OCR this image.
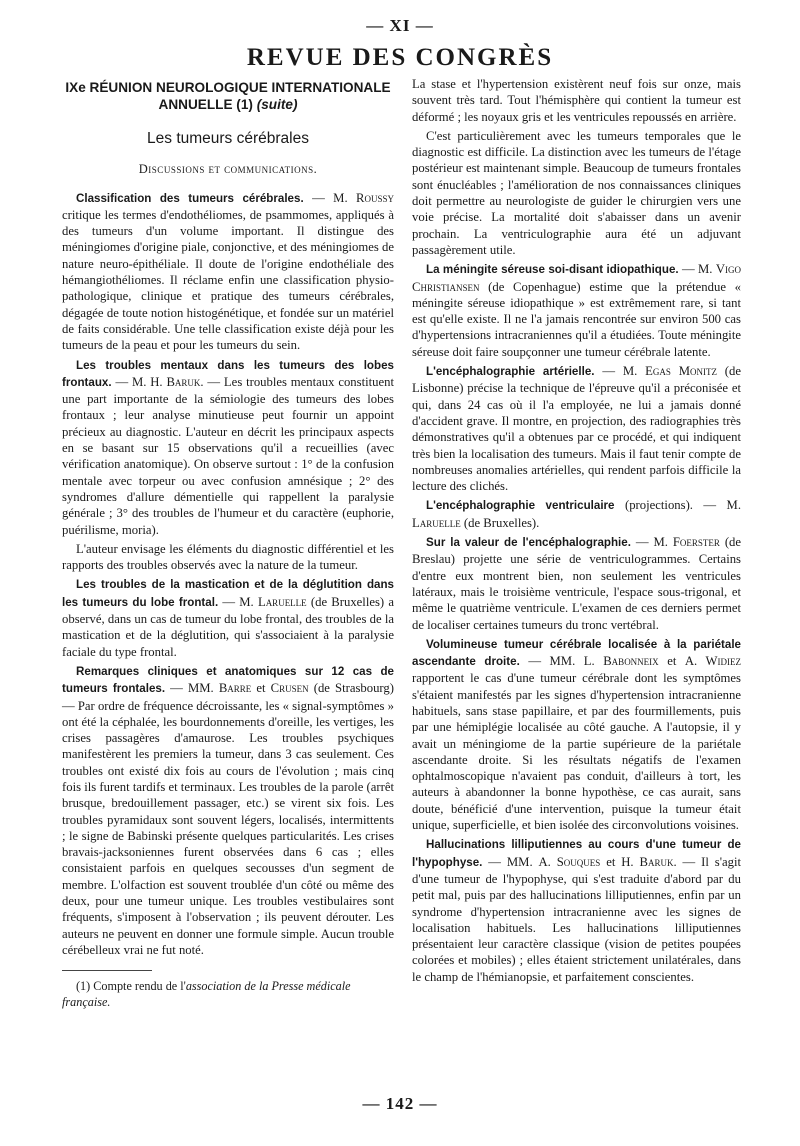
— XI —
REVUE DES CONGRÈS
IXe RÉUNION NEUROLOGIQUE INTERNATIONALE
ANNUELLE (1) (suite)
Les tumeurs cérébrales
Discussions et communications.

Classification des tumeurs cérébrales. — M. Roussy critique les termes d'endothéliomes, de psammomes, appliqués à des tumeurs d'un volume important. Il distingue des méningiomes d'origine piale, conjonctive, et des méningiomes de nature neuro-épithéliale. Il doute de l'origine endothéliale des hémangiothéliomes. Il réclame enfin une classification physio-pathologique, clinique et pratique des tumeurs cérébrales, dégagée de toute notion histogénétique, et fondée sur un matériel de faits considérable. Une telle classification existe déjà pour les tumeurs de la peau et pour les tumeurs du sein.

Les troubles mentaux dans les tumeurs des lobes frontaux. — M. H. Baruk. — Les troubles mentaux constituent une part importante de la sémiologie des tumeurs des lobes frontaux ; leur analyse minutieuse peut fournir un appoint précieux au diagnostic. L'auteur en décrit les principaux aspects en se basant sur 15 observations qu'il a recueillies (avec vérification anatomique). On observe surtout : 1° de la confusion mentale avec torpeur ou avec confusion amnésique ; 2° des syndromes d'allure démentielle qui rappellent la paralysie générale ; 3° des troubles de l'humeur et du caractère (euphorie, puérilisme, moria).

L'auteur envisage les éléments du diagnostic différentiel et les rapports des troubles observés avec la nature de la tumeur.

Les troubles de la mastication et de la déglutition dans les tumeurs du lobe frontal. — M. Laruelle (de Bruxelles) a observé, dans un cas de tumeur du lobe frontal, des troubles de la mastication et de la déglutition, qui s'associaient à la paralysie faciale du type frontal.

Remarques cliniques et anatomiques sur 12 cas de tumeurs frontales. — MM. Barre et Crusen (de Strasbourg) — Par ordre de fréquence décroissante, les « signal-symptômes » ont été la céphalée, les bourdonnements d'oreille, les vertiges, les crises passagères d'amaurose. Les troubles psychiques manifestèrent les premiers la tumeur, dans 3 cas seulement. Ces troubles ont existé dix fois au cours de l'évolution ; mais cinq fois ils furent tardifs et terminaux. Les troubles de la parole (arrêt brusque, bredouillement passager, etc.) se virent six fois. Les troubles pyramidaux sont souvent légers, localisés, intermittents ; le signe de Babinski présente quelques particularités. Les crises bravais-jacksoniennes furent observées dans 6 cas ; elles consistaient parfois en quelques secousses d'un segment de membre. L'olfaction est souvent troublée d'un côté ou même des deux, pour une tumeur unique. Les troubles vestibulaires sont fréquents, s'imposent à l'observation ; ils peuvent dérouter. Les auteurs ne peuvent en donner une formule simple. Aucun trouble cérébelleux vrai ne fut noté.

(1) Compte rendu de l'association de la Presse médicale française.

La stase et l'hypertension existèrent neuf fois sur onze, mais souvent très tard. Tout l'hémisphère qui contient la tumeur est déformé ; les noyaux gris et les ventricules repoussés en arrière.

C'est particulièrement avec les tumeurs temporales que le diagnostic est difficile. La distinction avec les tumeurs de l'étage postérieur est maintenant simple. Beaucoup de tumeurs frontales sont énucléables ; l'amélioration de nos connaissances cliniques doit permettre au neurologiste de guider le chirurgien vers une voie précise. La mortalité doit s'abaisser dans un avenir prochain. La ventriculographie aura été un adjuvant passagèrement utile.

La méningite séreuse soi-disant idiopathique. — M. Vigo Christiansen (de Copenhague) estime que la prétendue « méningite séreuse idiopathique » est extrêmement rare, si tant est qu'elle existe. Il ne l'a jamais rencontrée sur environ 500 cas d'hypertensions intracraniennes qu'il a étudiées. Toute méningite séreuse doit faire soupçonner une tumeur cérébrale latente.

L'encéphalographie artérielle. — M. Egas Monitz (de Lisbonne) précise la technique de l'épreuve qu'il a préconisée et qui, dans 24 cas où il l'a employée, ne lui a jamais donné d'accident grave. Il montre, en projection, des radiographies très démonstratives qu'il a obtenues par ce procédé, et qui indiquent très bien la localisation des tumeurs. Mais il faut tenir compte de nombreuses anomalies artérielles, qui rendent parfois difficile la lecture des clichés.

L'encéphalographie ventriculaire (projections). — M. Laruelle (de Bruxelles).

Sur la valeur de l'encéphalographie. — M. Foerster (de Breslau) projette une série de ventriculogrammes. Certains d'entre eux montrent bien, non seulement les ventricules latéraux, mais le troisième ventricule, l'espace sous-trigonal, et même le quatrième ventricule. L'examen de ces derniers permet de localiser certaines tumeurs du tronc vertébral.

Volumineuse tumeur cérébrale localisée à la pariétale ascendante droite. — MM. L. Babonneix et A. Widiez rapportent le cas d'une tumeur cérébrale dont les symptômes s'étaient manifestés par les signes d'hypertension intracranienne habituels, sans stase papillaire, et par des fourmillements, puis par une hémiplégie localisée au côté gauche. A l'autopsie, il y avait un méningiome de la partie supérieure de la pariétale ascendante droite. Si les résultats négatifs de l'examen ophtalmoscopique n'avaient pas conduit, d'ailleurs à tort, les auteurs à abandonner la bonne hypothèse, ce cas aurait, sans doute, bénéficié d'une intervention, puisque la tumeur était unique, superficielle, et bien isolée des circonvolutions voisines.

Hallucinations lilliputiennes au cours d'une tumeur de l'hypophyse. — MM. A. Souques et H. Baruk. — Il s'agit d'une tumeur de l'hypophyse, qui s'est traduite d'abord par du petit mal, puis par des hallucinations lilliputiennes, enfin par un syndrome d'hypertension intracranienne avec les signes de localisation habituels. Les hallucinations lilliputiennes présentaient leur caractère classique (vision de petites poupées colorées et mobiles) ; elles étaient strictement unilatérales, dans le champ de l'hémianopsie, et parfaitement conscientes.

— 142 —
